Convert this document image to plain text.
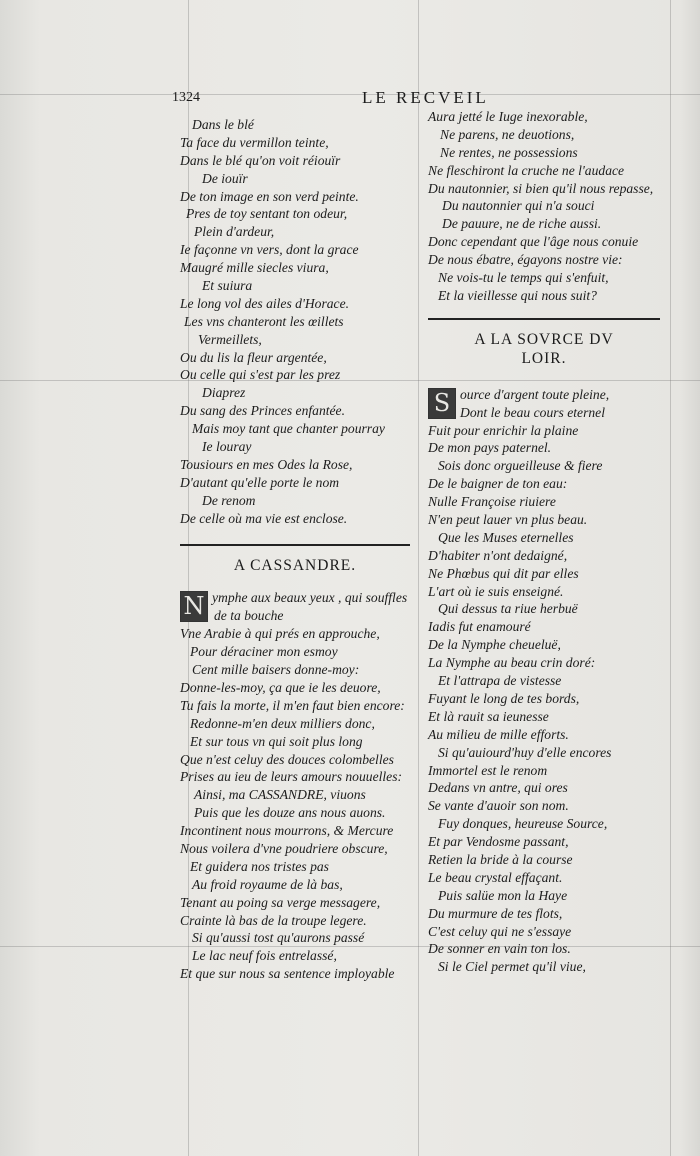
1324	LE RECVEIL
Dans le blé
Ta face du vermillon teinte,
Dans le blé qu'on voit réiouïr
De iouïr
De ton image en son verd peinte.
Pres de toy sentant ton odeur,
Plein d'ardeur,
Ie façonne vn vers, dont la grace
Maugré mille siecles viura,
Et suiura
Le long vol des ailes d'Horace.
Les vns chanteront les œillets
Vermeillets,
Ou du lis la fleur argentée,
Ou celle qui s'est par les prez
Diaprez
Du sang des Princes enfantée.
Mais moy tant que chanter pourray
Ie louray
Tousiours en mes Odes la Rose,
D'autant qu'elle porte le nom
De renom
De celle où ma vie est enclose.
A CASSANDRE.
N ymphe aux beaux yeux , qui souffles
de ta bouche
Vne Arabie à qui prés en approuche,
Pour déraciner mon esmoy
Cent mille baisers donne-moy:
Donne-les-moy, ça que ie les deuore,
Tu fais la morte, il m'en faut bien encore:
Redonne-m'en deux milliers donc,
Et sur tous vn qui soit plus long
Que n'est celuy des douces colombelles
Prises au ieu de leurs amours nouuelles:
Ainsi, ma CASSANDRE, viuons
Puis que les douze ans nous auons.
Incontinent nous mourrons, & Mercure
Nous voilera d'vne poudriere obscure,
Et guidera nos tristes pas
Au froid royaume de là bas,
Tenant au poing sa verge messagere,
Crainte là bas de la troupe legere.
Si qu'aussi tost qu'aurons passé
Le lac neuf fois entrelassé,
Et que sur nous sa sentence imployable
Aura jetté le Iuge inexorable,
Ne parens, ne deuotions,
Ne rentes, ne possessions
Ne fleschiront la cruche ne l'audace
Du nautonnier, si bien qu'il nous repasse,
Du nautonnier qui n'a souci
De pauure, ne de riche aussi.
Donc cependant que l'âge nous conuie
De nous ébatre, égayons nostre vie:
Ne vois-tu le temps qui s'enfuit,
Et la vieillesse qui nous suit?
A LA SOVRCE DV
LOIR.
S ource d'argent toute pleine,
Dont le beau cours eternel
Fuit pour enrichir la plaine
De mon pays paternel.
Sois donc orgueilleuse & fiere
De le baigner de ton eau:
Nulle Françoise riuiere
N'en peut lauer vn plus beau.
Que les Muses eternelles
D'habiter n'ont dedaigné,
Ne Phœbus qui dit par elles
L'art où ie suis enseigné.
Qui dessus ta riue herbuë
Iadis fut enamouré
De la Nymphe cheueluë,
La Nymphe au beau crin doré:
Et l'attrapa de vistesse
Fuyant le long de tes bords,
Et là rauit sa ieunesse
Au milieu de mille efforts.
Si qu'auiourd'huy d'elle encores
Immortel est le renom
Dedans vn antre, qui ores
Se vante d'auoir son nom.
Fuy donques, heureuse Source,
Et par Vendosme passant,
Retien la bride à la course
Le beau crystal effaçant.
Puis salüe mon la Haye
Du murmure de tes flots,
C'est celuy qui ne s'essaye
De sonner en vain ton los.
Si le Ciel permet qu'il viue,
